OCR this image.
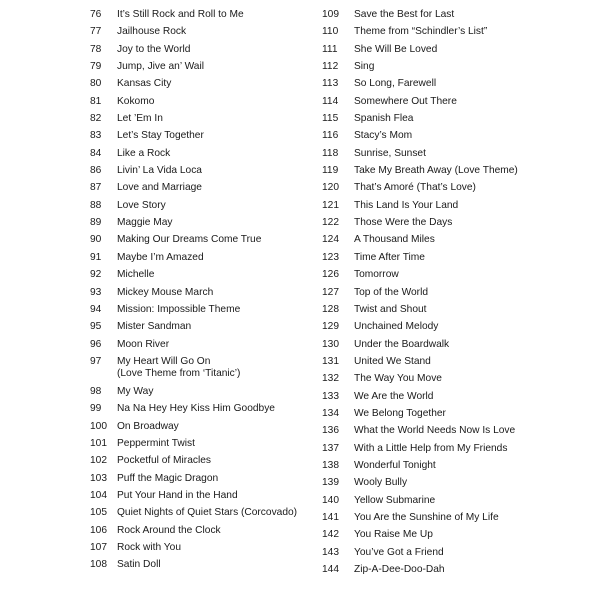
76	It’s Still Rock and Roll to Me
77	Jailhouse Rock
78	Joy to the World
79	Jump, Jive an’ Wail
80	Kansas City
81	Kokomo
82	Let ’Em In
83	Let’s Stay Together
84	Like a Rock
86	Livin’ La Vida Loca
87	Love and Marriage
88	Love Story
89	Maggie May
90	Making Our Dreams Come True
91	Maybe I’m Amazed
92	Michelle
93	Mickey Mouse March
94	Mission: Impossible Theme
95	Mister Sandman
96	Moon River
97	My Heart Will Go On
(Love Theme from ‘Titanic’)
98	My Way
99	Na Na Hey Hey Kiss Him Goodbye
100 On Broadway
101 Peppermint Twist
102 Pocketful of Miracles
103 Puff the Magic Dragon
104 Put Your Hand in the Hand
105 Quiet Nights of Quiet Stars (Corcovado)
106 Rock Around the Clock
107 Rock with You
108 Satin Doll
109	Save the Best for Last
110	Theme from “Schindler’s List”
111	She Will Be Loved
112	Sing
113	So Long, Farewell
114	Somewhere Out There
115	Spanish Flea
116	Stacy’s Mom
118	Sunrise, Sunset
119	Take My Breath Away (Love Theme)
120	That’s Amoré (That’s Love)
121	This Land Is Your Land
122	Those Were the Days
124	A Thousand Miles
123	Time After Time
126	Tomorrow
127	Top of the World
128	Twist and Shout
129	Unchained Melody
130	Under the Boardwalk
131	United We Stand
132	The Way You Move
133	We Are the World
134	We Belong Together
136	What the World Needs Now Is Love
137	With a Little Help from My Friends
138	Wonderful Tonight
139	Wooly Bully
140	Yellow Submarine
141	You Are the Sunshine of My Life
142	You Raise Me Up
143	You’ve Got a Friend
144	Zip-A-Dee-Doo-Dah
